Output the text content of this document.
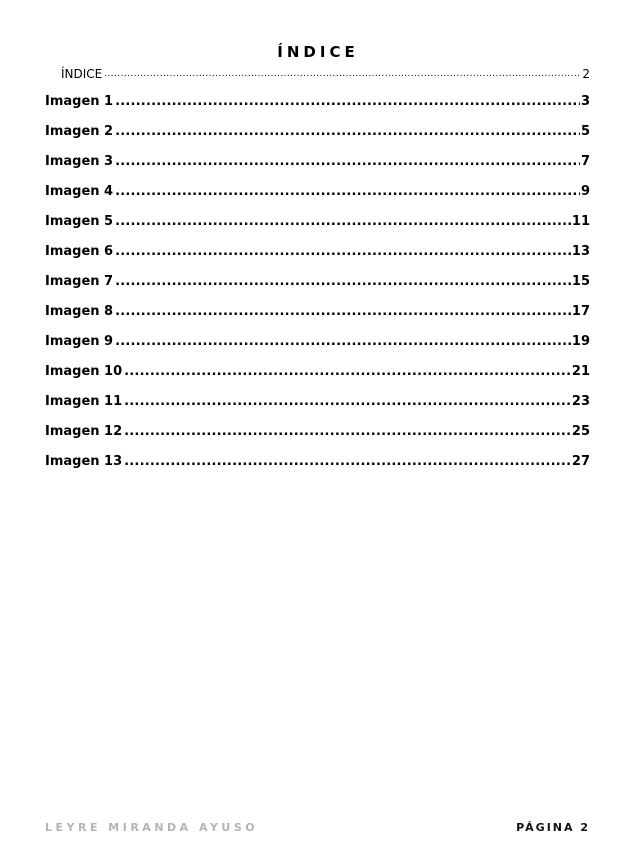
ÍNDICE
ÍNDICE .....	2
Imagen 1 .....	3
Imagen 2 .....	5
Imagen 3 .....	7
Imagen 4 .....	9
Imagen 5 .....	11
Imagen 6 .....	13
Imagen 7 .....	15
Imagen 8 .....	17
Imagen 9 .....	19
Imagen 10 .....	21
Imagen 11 .....	23
Imagen 12 .....	25
Imagen 13 .....	27
LEYRE MIRANDA AYUSO	PÁGINA 2
